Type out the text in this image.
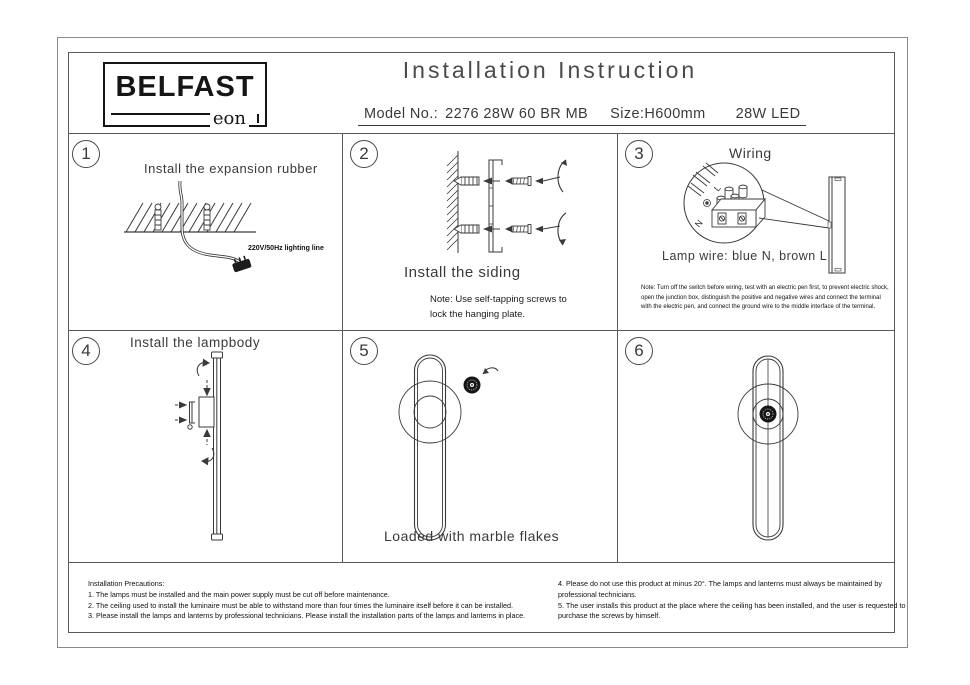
BELFAST
eon
Installation Instruction
Model No.: 2276 28W 60 BR MB Size: H600mm 28W LED
1
Install the expansion rubber
220V/50Hz lighting line
2
Install the siding
Note: Use self-tapping screws to
lock the hanging plate.
3	Wiring
N
L
Lamp wire: blue N, brown L
Note: Turn off the switch before wiring, test with an electric pen first, to prevent electric shock, open the junction box, distinguish the positive and negative wires and connect the terminal with the electric pen, and connect the ground wire to the middle interface of the terminal.
4	Install the lampbody	5
Loaded with marble flakes
6
Installation Precautions:
1. The lamps must be installed and the main power supply must be cut off before maintenance.
2. The ceiling used to install the luminaire must be able to withstand more than four times the luminaire itself before it can be installed.
3. Please install the lamps and lanterns by professional technicians. Please install the installation parts of the lamps and lanterns in place.
4. Please do not use this product at minus 20°. The lamps and lanterns must always be maintained by professional technicians.
5. The user installs this product at the place where the ceiling has been installed, and the user is requested to purchase the screws by himself.
